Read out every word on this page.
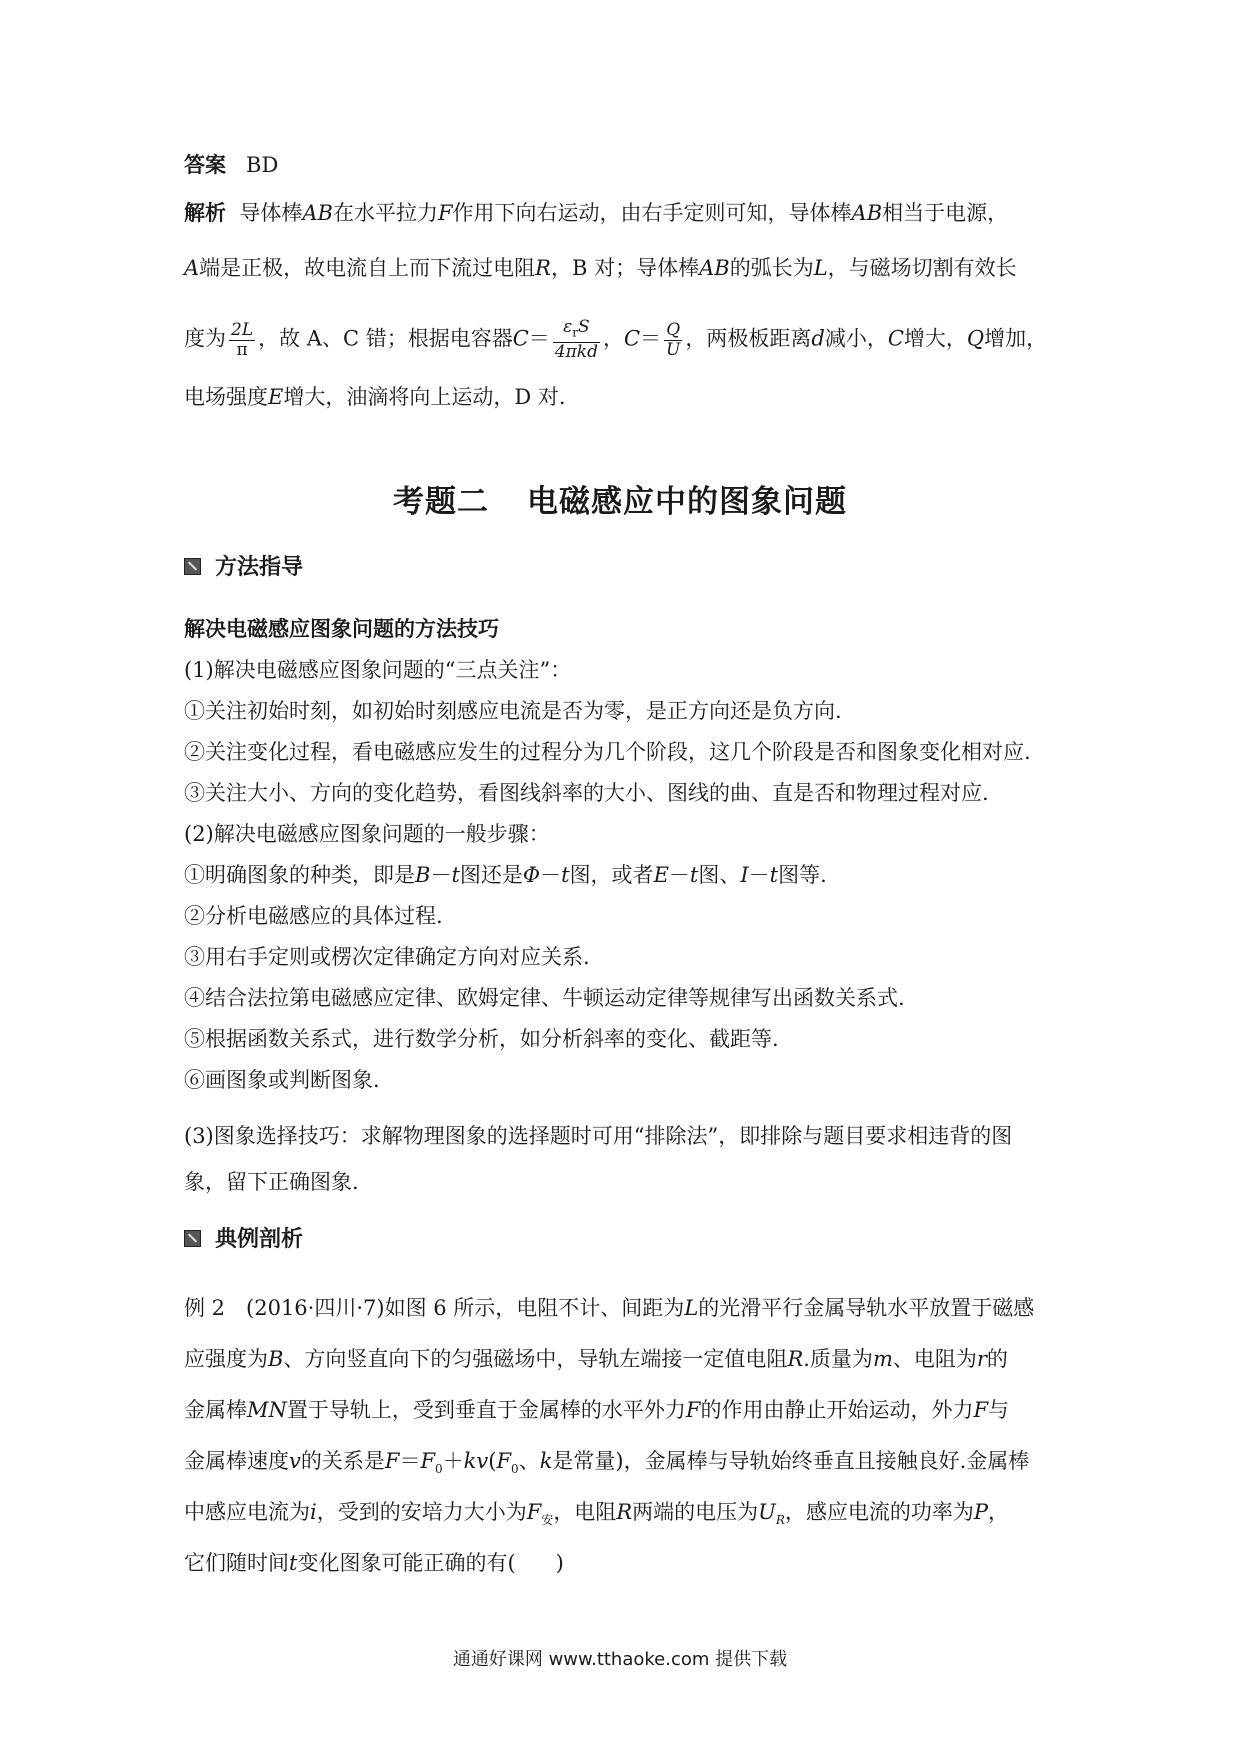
答案 BD
解析 导体棒AB在水平拉力F作用下向右运动，由右手定则可知，导体棒AB相当于电源，
A端是正极，故电流自上而下流过电阻R，B 对；导体棒AB的弧长为L，与磁场切割有效长
度为 $\frac{2L}{\pi}$ ，故 A、C 错；根据电容器$C= \frac{\varepsilon_rS}{\text{4πkd}}$ ，$C= \frac{Q}{U}$ ，两极板距离d减小，C增大，Q增加，
电场强度E增大，油滴将向上运动，D 对.
考题二 电磁感应中的图象问题
方法指导
解决电磁感应图象问题的方法技巧
(1)解决电磁感应图象问题的“三点关注”：
①关注初始时刻，如初始时刻感应电流是否为零，是正方向还是负方向.
②关注变化过程，看电磁感应发生的过程分为几个阶段，这几个阶段是否和图象变化相对应.
③关注大小、方向的变化趋势，看图线斜率的大小、图线的曲、直是否和物理过程对应.
(2)解决电磁感应图象问题的一般步骤：
①明确图象的种类，即是B－t图还是Φ－t图，或者E－t图、I－t图等.
②分析电磁感应的具体过程.
③用右手定则或楞次定律确定方向对应关系.
④结合法拉第电磁感应定律、欧姆定律、牛顿运动定律等规律写出函数关系式.
⑤根据函数关系式，进行数学分析，如分析斜率的变化、截距等.
⑥画图象或判断图象.
(3)图象选择技巧：求解物理图象的选择题时可用“排除法”，即排除与题目要求相违背的图
象，留下正确图象.
典例剖析
例 2　(2016·四川·7)如图 6 所示，电阻不计、间距为L的光滑平行金属导轨水平放置于磁感
应强度为B、方向竖直向下的匀强磁场中，导轨左端接一定值电阻R.质量为m、电阻为r的
金属棒MN置于导轨上，受到垂直于金属棒的水平外力F的作用由静止开始运动，外力F与
金属棒速度v的关系是$F=F_0+kv(F_0$、k是常量)，金属棒与导轨始终垂直且接触良好.金属棒
中感应电流为i，受到的安培力大小为$F_安$，电阻R两端的电压为$U_R$，感应电流的功率为P，
它们随时间t变化图象可能正确的有( )
通通好课网 www.tthaoke.com 提供下载
